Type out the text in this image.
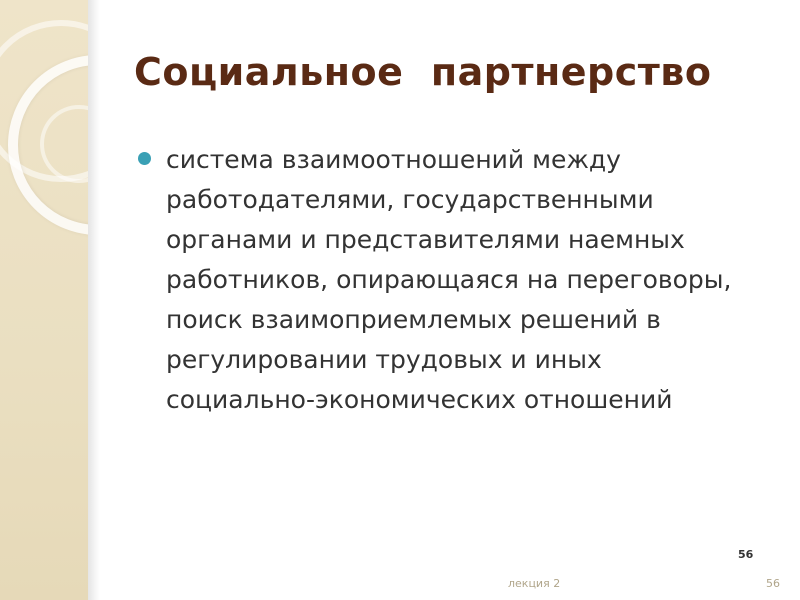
Социальное  партнерство
система взаимоотношений между работодателями, государственными органами и представителями наемных работников, опирающаяся на переговоры, поиск взаимоприемлемых решений в регулировании трудовых и иных социально-экономических отношений
56
лекция 2	56
